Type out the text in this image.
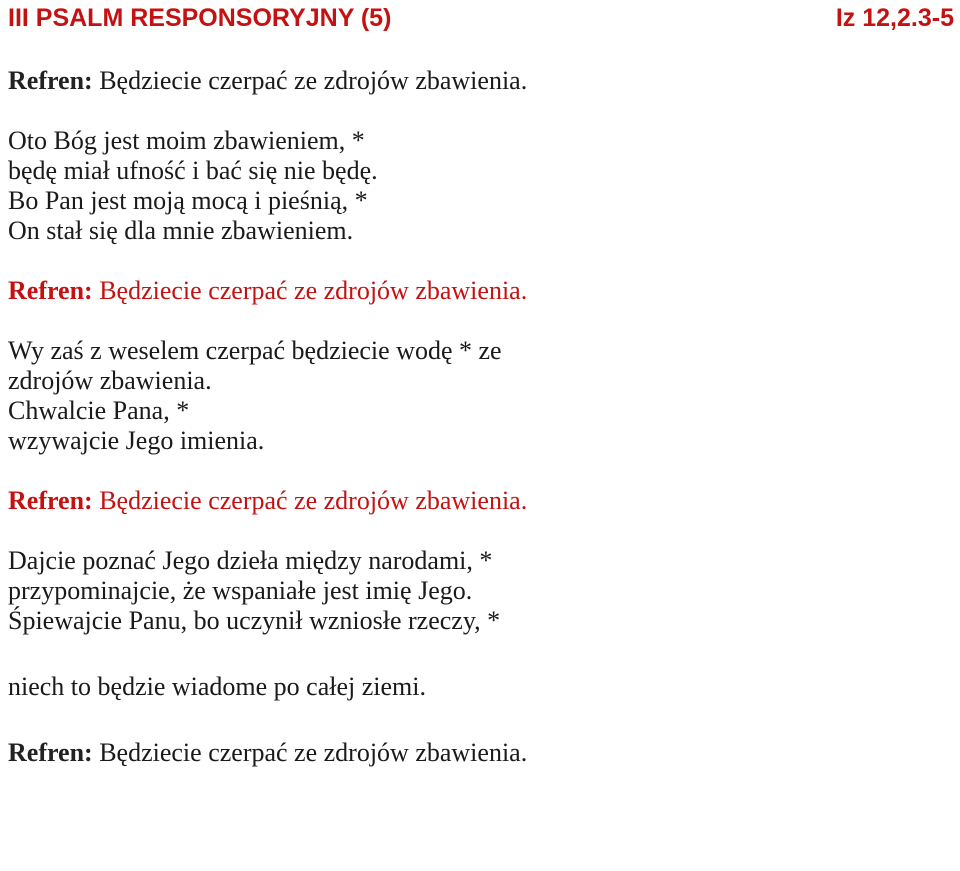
III PSALM RESPONSORYJNY (5)	Iz 12,2.3-5

Refren: Będziecie czerpać ze zdrojów zbawienia.

Oto Bóg jest moim zbawieniem, *
będę miał ufność i bać się nie będę.
Bo Pan jest moją mocą i pieśnią, *
On stał się dla mnie zbawieniem.

Refren: Będziecie czerpać ze zdrojów zbawienia.

Wy zaś z weselem czerpać będziecie wodę * ze
zdrojów zbawienia.
Chwalcie Pana, *
wzywajcie Jego imienia.

Refren: Będziecie czerpać ze zdrojów zbawienia.

Dajcie poznać Jego dzieła między narodami, *
przypominajcie, że wspaniałe jest imię Jego.
Śpiewajcie Panu, bo uczynił wzniosłe rzeczy, *
niech to będzie wiadome po całej ziemi.

Refren: Będziecie czerpać ze zdrojów zbawienia.
